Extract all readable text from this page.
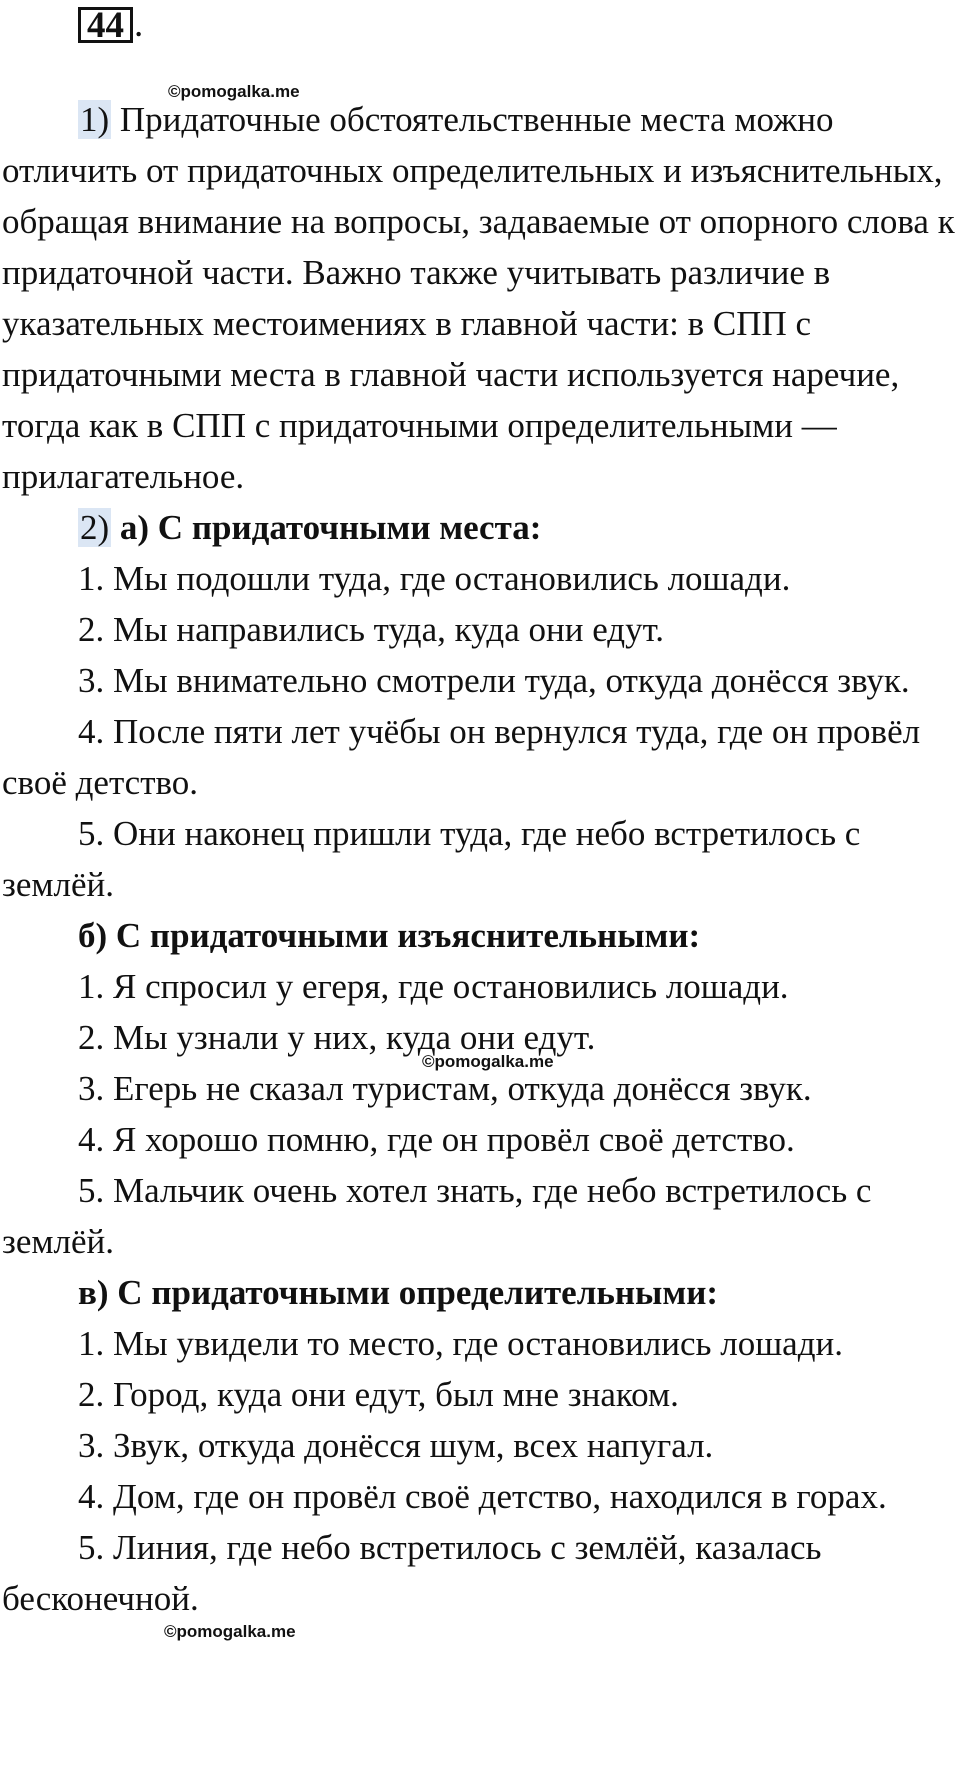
44 .
©pomogalka.me
©pomogalka.me
©pomogalka.me

1) Придаточные обстоятельственные места можно отличить от придаточных определительных и изъяснительных, обращая внимание на вопросы, задаваемые от опорного слова к придаточной части. Важно также учитывать различие в указательных местоимениях в главной части: в СПП с придаточными места в главной части используется наречие, тогда как в СПП с придаточными определительными — прилагательное.

2) а) С придаточными места:

1. Мы подошли туда, где остановились лошади.

2. Мы направились туда, куда они едут.

3. Мы внимательно смотрели туда, откуда донёсся звук.

4. После пяти лет учёбы он вернулся туда, где он провёл своё детство.

5. Они наконец пришли туда, где небо встретилось с землёй.

б) С придаточными изъяснительными:

1. Я спросил у егеря, где остановились лошади.

2. Мы узнали у них, куда они едут.

3. Егерь не сказал туристам, откуда донёсся звук.

4. Я хорошо помню, где он провёл своё детство.

5. Мальчик очень хотел знать, где небо встретилось с землёй.

в) С придаточными определительными:

1. Мы увидели то место, где остановились лошади.

2. Город, куда они едут, был мне знаком.

3. Звук, откуда донёсся шум, всех напугал.

4. Дом, где он провёл своё детство, находился в горах.

5. Линия, где небо встретилось с землёй, казалась бесконечной.
